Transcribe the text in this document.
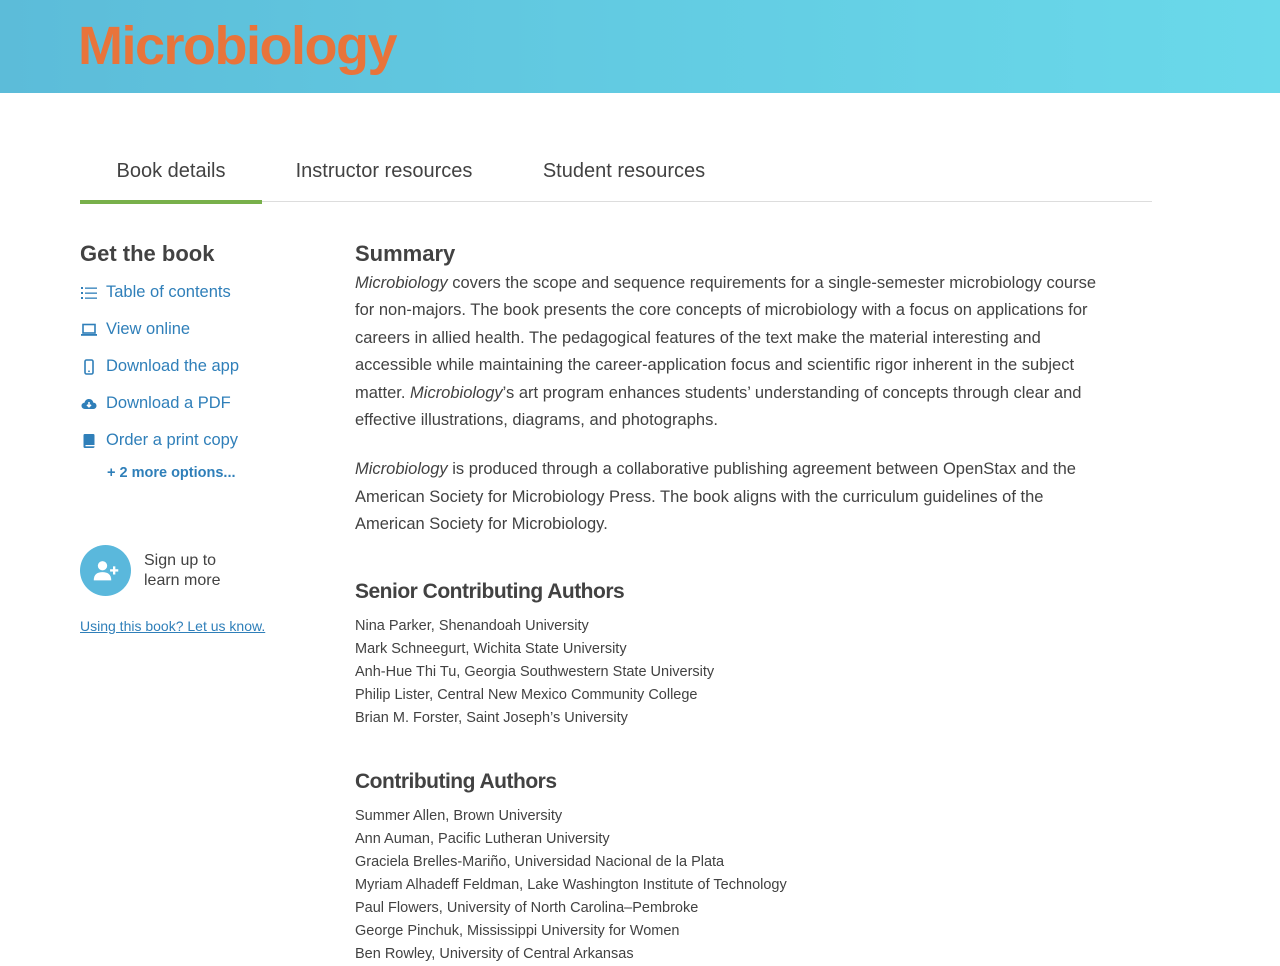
Microbiology
Book details	Instructor resources	Student resources
Get the book
Table of contents
View online
Download the app
Download a PDF
Order a print copy
+ 2 more options...
Sign up to learn more
Using this book? Let us know.
Summary

Microbiology covers the scope and sequence requirements for a single-semester microbiology course for non-majors. The book presents the core concepts of microbiology with a focus on applications for careers in allied health. The pedagogical features of the text make the material interesting and accessible while maintaining the career-application focus and scientific rigor inherent in the subject matter. Microbiology’s art program enhances students’ understanding of concepts through clear and effective illustrations, diagrams, and photographs.

Microbiology is produced through a collaborative publishing agreement between OpenStax and the American Society for Microbiology Press. The book aligns with the curriculum guidelines of the American Society for Microbiology.

Senior Contributing Authors
Nina Parker, Shenandoah University
Mark Schneegurt, Wichita State University
Anh-Hue Thi Tu, Georgia Southwestern State University
Philip Lister, Central New Mexico Community College
Brian M. Forster, Saint Joseph’s University
Contributing Authors
Summer Allen, Brown University
Ann Auman, Pacific Lutheran University
Graciela Brelles-Mariño, Universidad Nacional de la Plata
Myriam Alhadeff Feldman, Lake Washington Institute of Technology
Paul Flowers, University of North Carolina–Pembroke
George Pinchuk, Mississippi University for Women
Ben Rowley, University of Central Arkansas
